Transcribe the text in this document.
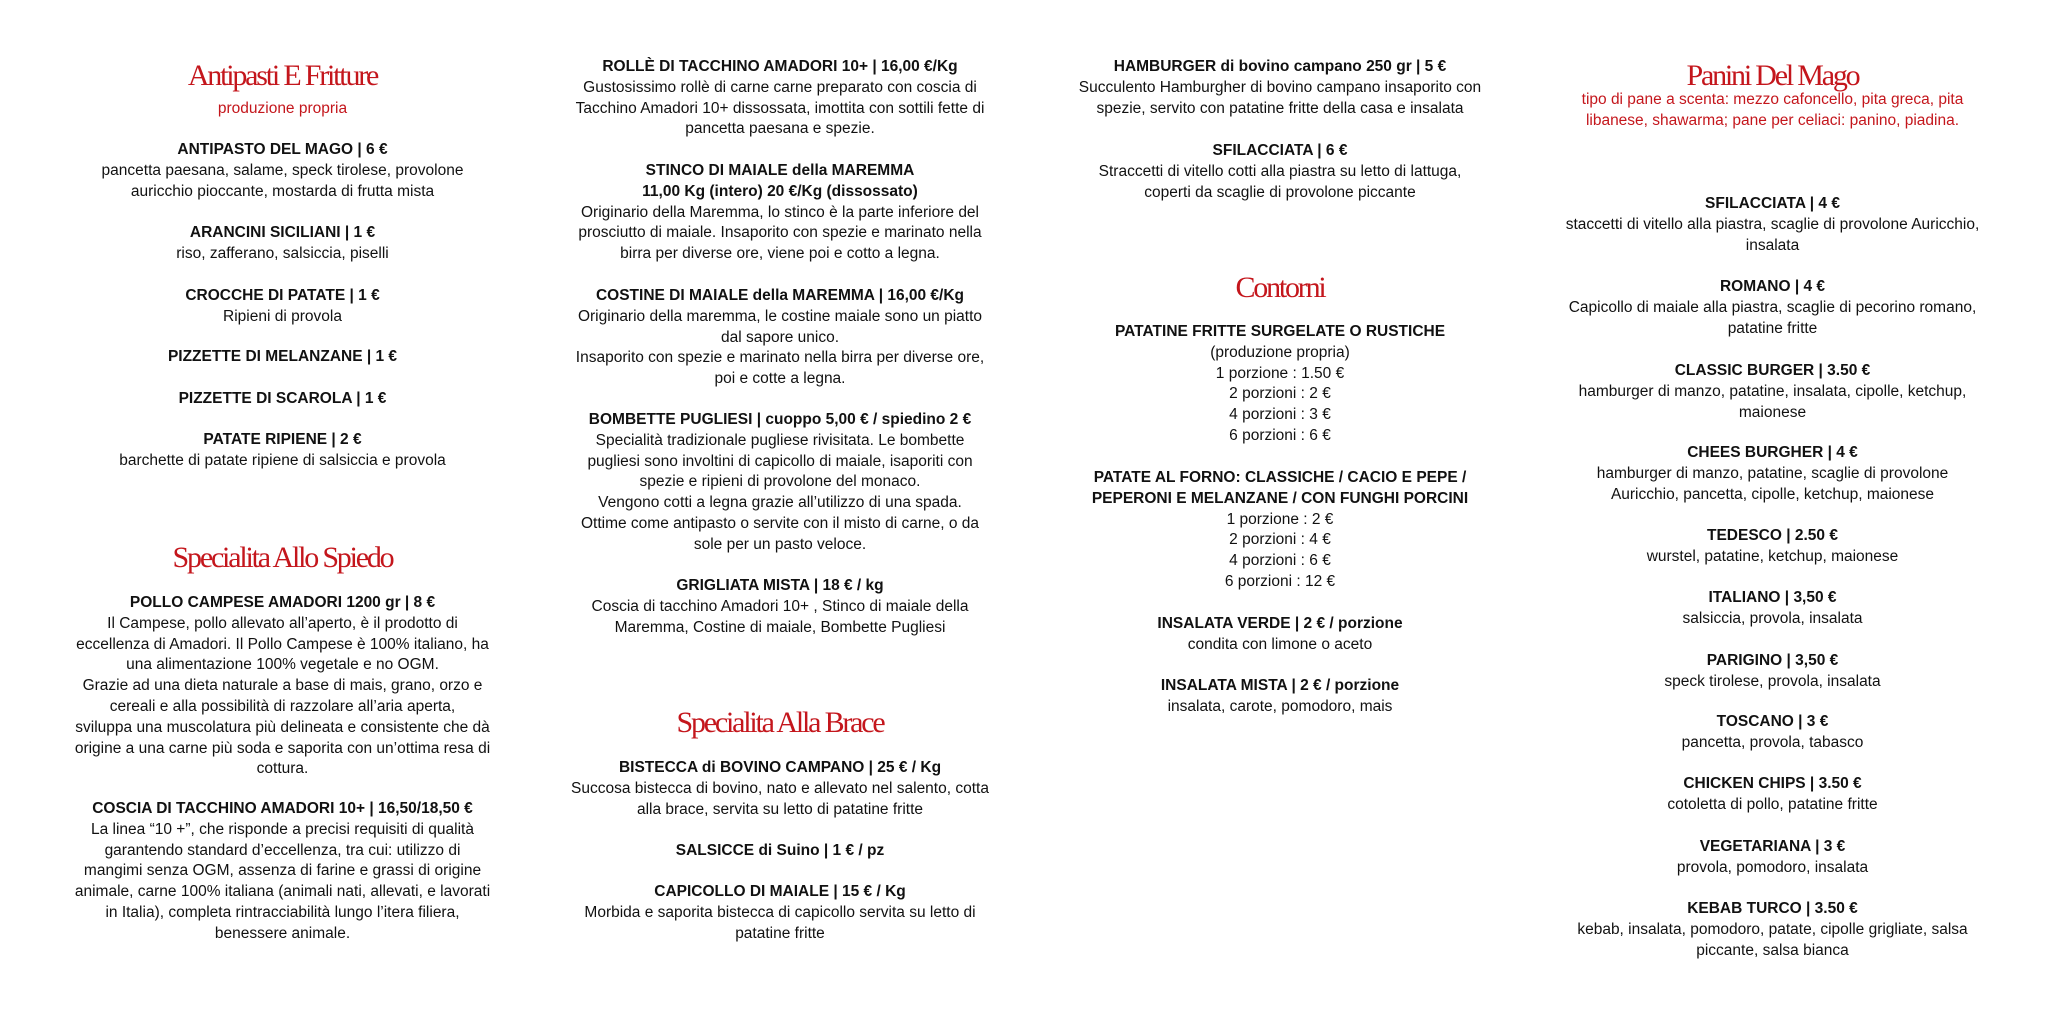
Antipasti E Fritture
produzione propria
ANTIPASTO DEL MAGO | 6 €
pancetta paesana, salame, speck tirolese, provolone
auricchio pioccante, mostarda di frutta mista
ARANCINI SICILIANI | 1 €
riso, zafferano, salsiccia, piselli
CROCCHE DI PATATE | 1 €
Ripieni di provola
PIZZETTE DI MELANZANE | 1 €
PIZZETTE DI SCAROLA | 1 €
PATATE RIPIENE | 2 €
barchette di patate ripiene di salsiccia e provola
Specialita Allo Spiedo
POLLO CAMPESE AMADORI 1200 gr | 8 €
Il Campese, pollo allevato all’aperto, è il prodotto di
eccellenza di Amadori. Il Pollo Campese è 100% italiano, ha
una alimentazione 100% vegetale e no OGM.
Grazie ad una dieta naturale a base di mais, grano, orzo e
cereali e alla possibilità di razzolare all’aria aperta,
sviluppa una muscolatura più delineata e consistente che dà
origine a una carne più soda e saporita con un’ottima resa di
cottura.
COSCIA DI TACCHINO AMADORI 10+ | 16,50/18,50 €
La linea “10 +”, che risponde a precisi requisiti di qualità
garantendo standard d’eccellenza, tra cui: utilizzo di
mangimi senza OGM, assenza di farine e grassi di origine
animale, carne 100% italiana (animali nati, allevati, e lavorati
in Italia), completa rintracciabilità lungo l’itera filiera,
benessere animale.
ROLLÈ DI TACCHINO AMADORI 10+ | 16,00 €/Kg
Gustosissimo rollè di carne carne preparato con coscia di
Tacchino Amadori 10+ dissossata, imottita con sottili fette di
pancetta paesana e spezie.
STINCO DI MAIALE della MAREMMA
11,00 Kg (intero) 20 €/Kg (dissossato)
Originario della Maremma, lo stinco è la parte inferiore del
prosciutto di maiale. Insaporito con spezie e marinato nella
birra per diverse ore, viene poi e cotto a legna.
COSTINE DI MAIALE della MAREMMA | 16,00 €/Kg
Originario della maremma, le costine maiale sono un piatto
dal sapore unico.
Insaporito con spezie e marinato nella birra per diverse ore,
poi e cotte a legna.
BOMBETTE PUGLIESI | cuoppo 5,00 € / spiedino 2 €
Specialità tradizionale pugliese rivisitata. Le bombette
pugliesi sono involtini di capicollo di maiale, isaporiti con
spezie e ripieni di provolone del monaco.
Vengono cotti a legna grazie all’utilizzo di una spada.
Ottime come antipasto o servite con il misto di carne, o da
sole per un pasto veloce.
GRIGLIATA MISTA | 18 € / kg
Coscia di tacchino Amadori 10+ , Stinco di maiale della
Maremma, Costine di maiale, Bombette Pugliesi
Specialita Alla Brace
BISTECCA di BOVINO CAMPANO | 25 € / Kg
Succosa bistecca di bovino, nato e allevato nel salento, cotta
alla brace, servita su letto di patatine fritte
SALSICCE di Suino | 1 € / pz
CAPICOLLO DI MAIALE | 15 € / Kg
Morbida e saporita bistecca di capicollo servita su letto di
patatine fritte
HAMBURGER di bovino campano 250 gr | 5 €
Succulento Hamburgher di bovino campano insaporito con
spezie, servito con patatine fritte della casa e insalata
SFILACCIATA | 6 €
Straccetti di vitello cotti alla piastra su letto di lattuga,
coperti da scaglie di provolone piccante
Contorni
PATATINE FRITTE SURGELATE O RUSTICHE
(produzione propria)
1 porzione : 1.50 €
2 porzioni : 2 €
4 porzioni : 3 €
6 porzioni : 6 €
PATATE AL FORNO: CLASSICHE / CACIO E PEPE /
PEPERONI E MELANZANE / CON FUNGHI PORCINI
1 porzione : 2 €
2 porzioni : 4 €
4 porzioni : 6 €
6 porzioni : 12 €
INSALATA VERDE | 2 € / porzione
condita con limone o aceto
INSALATA MISTA | 2 € / porzione
insalata, carote, pomodoro, mais
Panini Del Mago
tipo di pane a scenta: mezzo cafoncello, pita greca, pita
libanese, shawarma; pane per celiaci: panino, piadina.
SFILACCIATA | 4 €
staccetti di vitello alla piastra, scaglie di provolone Auricchio,
insalata
ROMANO | 4 €
Capicollo di maiale alla piastra, scaglie di pecorino romano,
patatine fritte
CLASSIC BURGER | 3.50 €
hamburger di manzo, patatine, insalata, cipolle, ketchup,
maionese
CHEES BURGHER | 4 €
hamburger di manzo, patatine, scaglie di provolone
Auricchio, pancetta, cipolle, ketchup, maionese
TEDESCO | 2.50 €
wurstel, patatine, ketchup, maionese
ITALIANO | 3,50 €
salsiccia, provola, insalata
PARIGINO | 3,50 €
speck tirolese, provola, insalata
TOSCANO | 3 €
pancetta, provola, tabasco
CHICKEN CHIPS | 3.50 €
cotoletta di pollo, patatine fritte
VEGETARIANA | 3 €
provola, pomodoro, insalata
KEBAB TURCO | 3.50 €
kebab, insalata, pomodoro, patate, cipolle grigliate, salsa
piccante, salsa bianca
